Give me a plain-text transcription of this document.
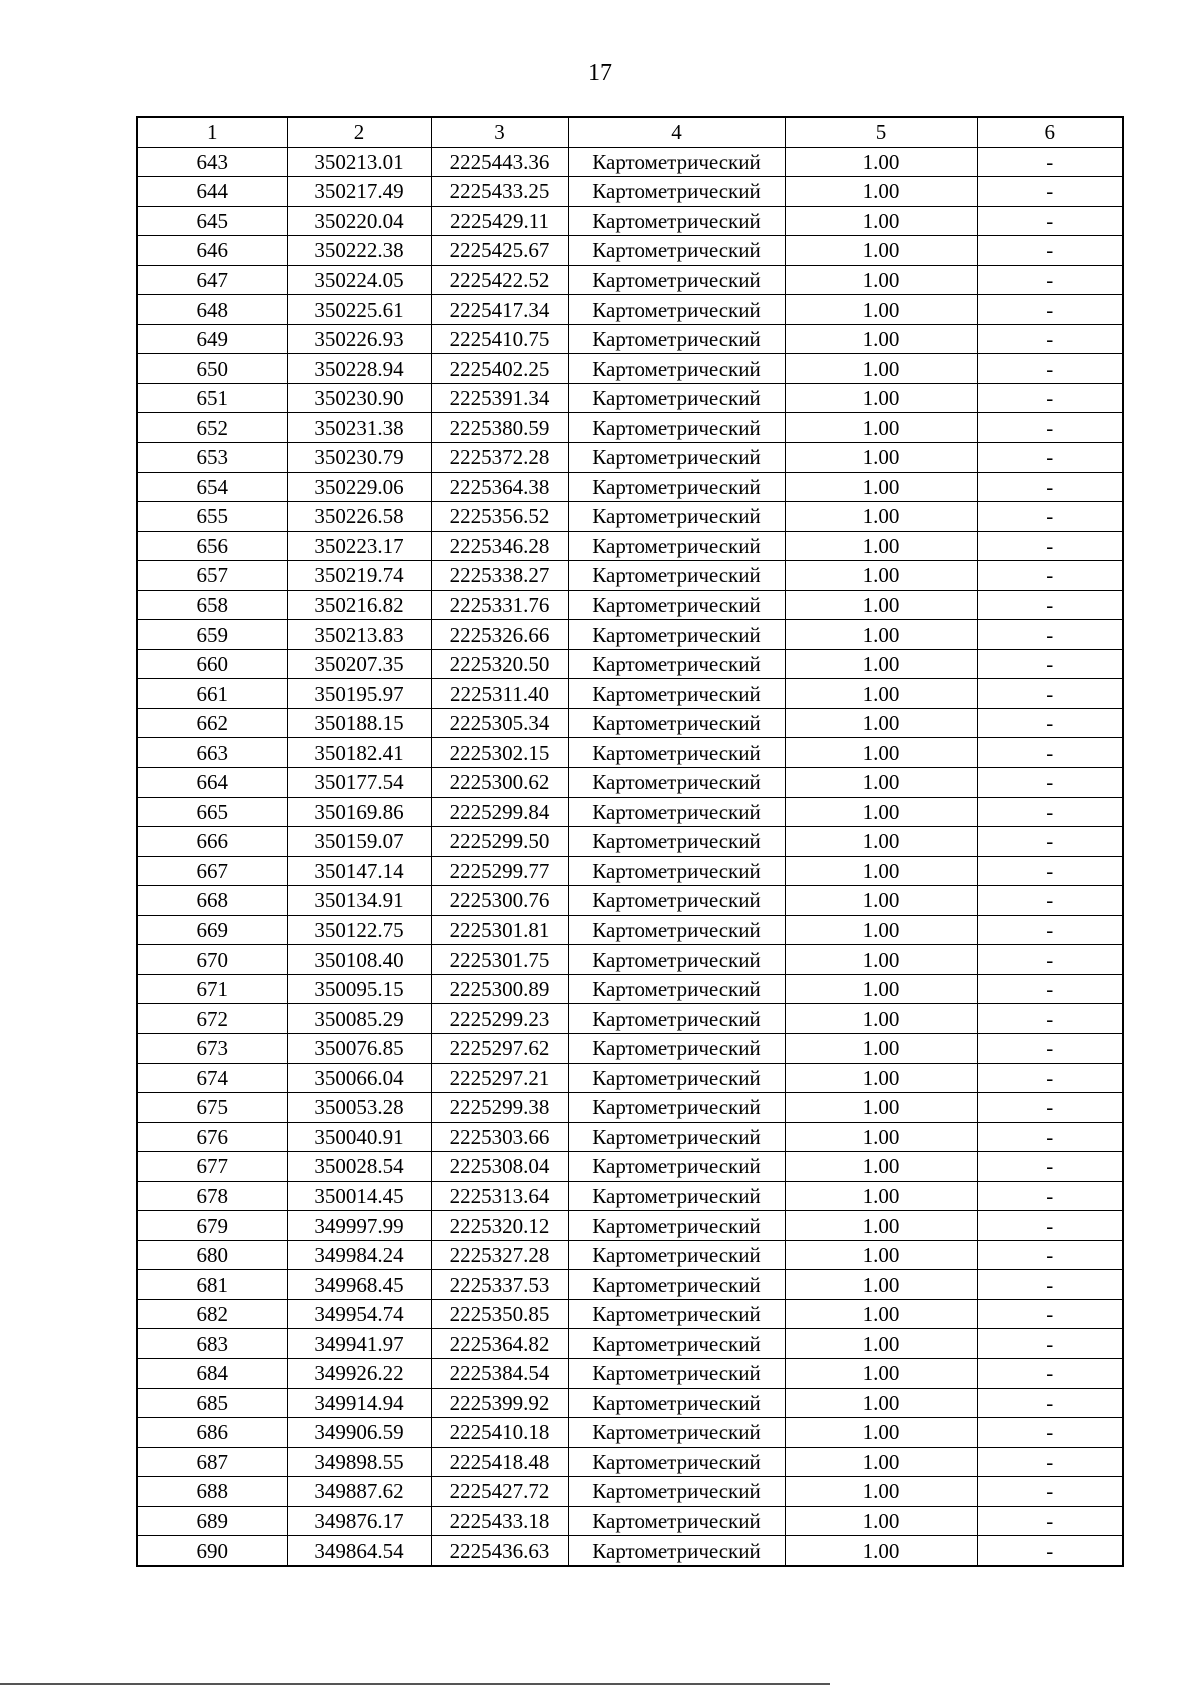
17
1	2	3	4	5	6
643	350213.01	2225443.36	Картометрический	1.00	-
644	350217.49	2225433.25	Картометрический	1.00	-
645	350220.04	2225429.11	Картометрический	1.00	-
646	350222.38	2225425.67	Картометрический	1.00	-
647	350224.05	2225422.52	Картометрический	1.00	-
648	350225.61	2225417.34	Картометрический	1.00	-
649	350226.93	2225410.75	Картометрический	1.00	-
650	350228.94	2225402.25	Картометрический	1.00	-
651	350230.90	2225391.34	Картометрический	1.00	-
652	350231.38	2225380.59	Картометрический	1.00	-
653	350230.79	2225372.28	Картометрический	1.00	-
654	350229.06	2225364.38	Картометрический	1.00	-
655	350226.58	2225356.52	Картометрический	1.00	-
656	350223.17	2225346.28	Картометрический	1.00	-
657	350219.74	2225338.27	Картометрический	1.00	-
658	350216.82	2225331.76	Картометрический	1.00	-
659	350213.83	2225326.66	Картометрический	1.00	-
660	350207.35	2225320.50	Картометрический	1.00	-
661	350195.97	2225311.40	Картометрический	1.00	-
662	350188.15	2225305.34	Картометрический	1.00	-
663	350182.41	2225302.15	Картометрический	1.00	-
664	350177.54	2225300.62	Картометрический	1.00	-
665	350169.86	2225299.84	Картометрический	1.00	-
666	350159.07	2225299.50	Картометрический	1.00	-
667	350147.14	2225299.77	Картометрический	1.00	-
668	350134.91	2225300.76	Картометрический	1.00	-
669	350122.75	2225301.81	Картометрический	1.00	-
670	350108.40	2225301.75	Картометрический	1.00	-
671	350095.15	2225300.89	Картометрический	1.00	-
672	350085.29	2225299.23	Картометрический	1.00	-
673	350076.85	2225297.62	Картометрический	1.00	-
674	350066.04	2225297.21	Картометрический	1.00	-
675	350053.28	2225299.38	Картометрический	1.00	-
676	350040.91	2225303.66	Картометрический	1.00	-
677	350028.54	2225308.04	Картометрический	1.00	-
678	350014.45	2225313.64	Картометрический	1.00	-
679	349997.99	2225320.12	Картометрический	1.00	-
680	349984.24	2225327.28	Картометрический	1.00	-
681	349968.45	2225337.53	Картометрический	1.00	-
682	349954.74	2225350.85	Картометрический	1.00	-
683	349941.97	2225364.82	Картометрический	1.00	-
684	349926.22	2225384.54	Картометрический	1.00	-
685	349914.94	2225399.92	Картометрический	1.00	-
686	349906.59	2225410.18	Картометрический	1.00	-
687	349898.55	2225418.48	Картометрический	1.00	-
688	349887.62	2225427.72	Картометрический	1.00	-
689	349876.17	2225433.18	Картометрический	1.00	-
690	349864.54	2225436.63	Картометрический	1.00	-
